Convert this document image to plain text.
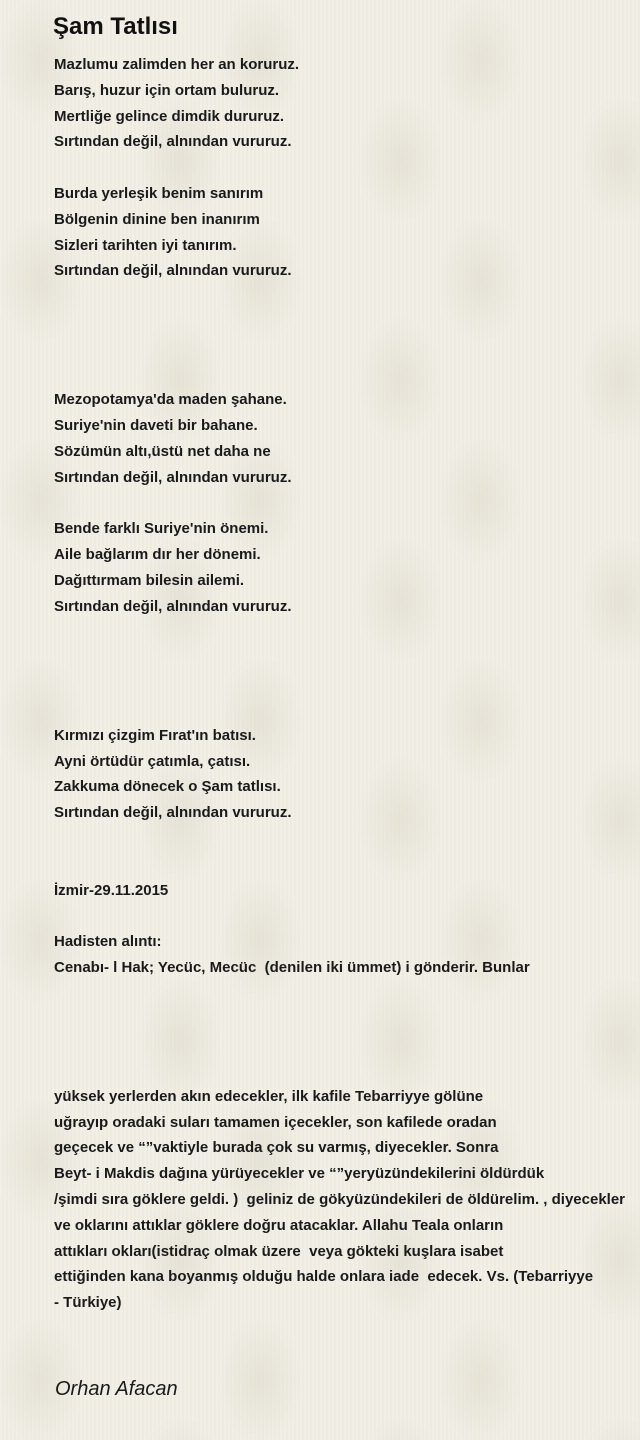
Şam Tatlısı
Mazlumu zalimden her an koruruz.
Barış, huzur için ortam buluruz.
Mertliğe gelince dimdik dururuz.
Sırtından değil, alnından vururuz.
Burda yerleşik benim sanırım
Bölgenin dinine ben inanırım
Sizleri tarihten iyi tanırım.
Sırtından değil, alnından vururuz.
Mezopotamya'da maden şahane.
Suriye'nin daveti bir bahane.
Sözümün altı,üstü net daha ne
Sırtından değil, alnından vururuz.
Bende farklı Suriye'nin önemi.
Aile bağlarım dır her dönemi.
Dağıttırmam bilesin ailemi.
Sırtından değil, alnından vururuz.
Kırmızı çizgim Fırat'ın batısı.
Ayni örtüdür çatımla, çatısı.
Zakkuma dönecek o Şam tatlısı.
Sırtından değil, alnından vururuz.
İzmir-29.11.2015
Hadisten alıntı:
Cenabı- l Hak; Yecüc, Mecüc  (denilen iki ümmet) i gönderir. Bunlar
yüksek yerlerden akın edecekler, ilk kafile Tebarriyye gölüne
uğrayıp oradaki suları tamamen içecekler, son kafilede oradan
geçecek ve “”vaktiyle burada çok su varmış, diyecekler. Sonra
Beyt- i Makdis dağına yürüyecekler ve “”yeryüzündekilerini öldürdük
/şimdi sıra göklere geldi. )  geliniz de gökyüzündekileri de öldürelim. , diyecekler
ve oklarını attıklar göklere doğru atacaklar. Allahu Teala onların
attıkları okları(istidraç olmak üzere  veya gökteki kuşlara isabet
ettiğinden kana boyanmış olduğu halde onlara iade  edecek. Vs. (Tebarriyye
- Türkiye)
Orhan Afacan
